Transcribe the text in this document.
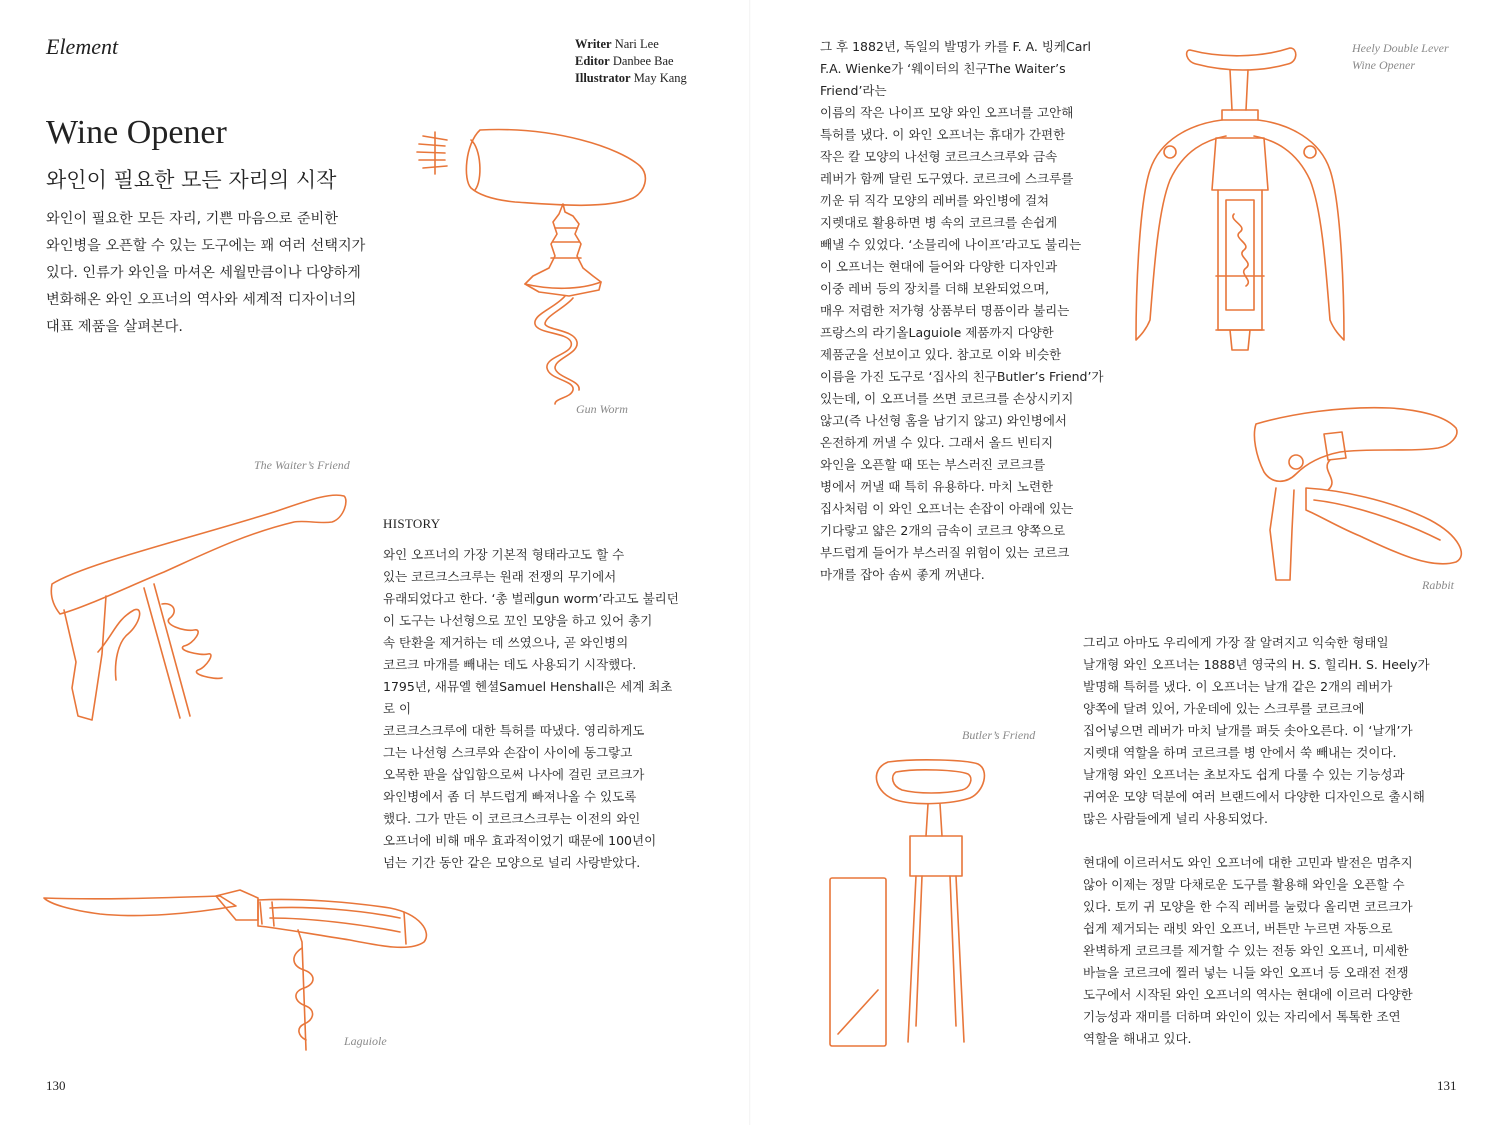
Element	Writer Nari Lee
Editor Danbee Bae
Illustrator May Kang
Wine Opener
와인이 필요한 모든 자리의 시작
와인이 필요한 모든 자리, 기쁜 마음으로 준비한
와인병을 오픈할 수 있는 도구에는 꽤 여러 선택지가
있다. 인류가 와인을 마셔온 세월만큼이나 다양하게
변화해온 와인 오프너의 역사와 세계적 디자이너의
대표 제품을 살펴본다.
Gun Worm
The Waiter’s Friend
Laguiole
HISTORY
와인 오프너의 가장 기본적 형태라고도 할 수
있는 코르크스크루는 원래 전쟁의 무기에서
유래되었다고 한다. ‘총 벌레gun worm’라고도 불리던
이 도구는 나선형으로 꼬인 모양을 하고 있어 총기
속 탄환을 제거하는 데 쓰였으나, 곧 와인병의
코르크 마개를 빼내는 데도 사용되기 시작했다.
1795년, 새뮤엘 헨셜Samuel Henshall은 세계 최초로 이
코르크스크루에 대한 특허를 따냈다. 영리하게도
그는 나선형 스크루와 손잡이 사이에 동그랗고
오목한 판을 삽입함으로써 나사에 걸린 코르크가
와인병에서 좀 더 부드럽게 빠져나올 수 있도록
했다. 그가 만든 이 코르크스크루는 이전의 와인
오프너에 비해 매우 효과적이었기 때문에 100년이
넘는 기간 동안 같은 모양으로 널리 사랑받았다.
130
그 후 1882년, 독일의 발명가 카를 F. A. 빙케Carl
F.A. Wienke가 ‘웨이터의 친구The Waiter’s Friend’라는
이름의 작은 나이프 모양 와인 오프너를 고안해
특허를 냈다. 이 와인 오프너는 휴대가 간편한
작은 칼 모양의 나선형 코르크스크루와 금속
레버가 함께 달린 도구였다. 코르크에 스크루를
끼운 뒤 직각 모양의 레버를 와인병에 걸쳐
지렛대로 활용하면 병 속의 코르크를 손쉽게
빼낼 수 있었다. ‘소믈리에 나이프’라고도 불리는
이 오프너는 현대에 들어와 다양한 디자인과
이중 레버 등의 장치를 더해 보완되었으며,
매우 저렴한 저가형 상품부터 명품이라 불리는
프랑스의 라기올Laguiole 제품까지 다양한
제품군을 선보이고 있다. 참고로 이와 비슷한
이름을 가진 도구로 ‘집사의 친구Butler’s Friend’가
있는데, 이 오프너를 쓰면 코르크를 손상시키지
않고(즉 나선형 홈을 남기지 않고) 와인병에서
온전하게 꺼낼 수 있다. 그래서 올드 빈티지
와인을 오픈할 때 또는 부스러진 코르크를
병에서 꺼낼 때 특히 유용하다. 마치 노련한
집사처럼 이 와인 오프너는 손잡이 아래에 있는
기다랗고 얇은 2개의 금속이 코르크 양쪽으로
부드럽게 들어가 부스러질 위험이 있는 코르크
마개를 잡아 솜씨 좋게 꺼낸다.
Heely Double Lever
Wine Opener
Rabbit
Butler’s Friend
그리고 아마도 우리에게 가장 잘 알려지고 익숙한 형태일
날개형 와인 오프너는 1888년 영국의 H. S. 힐리H. S. Heely가
발명해 특허를 냈다. 이 오프너는 날개 같은 2개의 레버가
양쪽에 달려 있어, 가운데에 있는 스크루를 코르크에
집어넣으면 레버가 마치 날개를 펴듯 솟아오른다. 이 ‘날개’가
지렛대 역할을 하며 코르크를 병 안에서 쑥 빼내는 것이다.
날개형 와인 오프너는 초보자도 쉽게 다룰 수 있는 기능성과
귀여운 모양 덕분에 여러 브랜드에서 다양한 디자인으로 출시해
많은 사람들에게 널리 사용되었다.
현대에 이르러서도 와인 오프너에 대한 고민과 발전은 멈추지
않아 이제는 정말 다채로운 도구를 활용해 와인을 오픈할 수
있다. 토끼 귀 모양을 한 수직 레버를 눌렀다 올리면 코르크가
쉽게 제거되는 래빗 와인 오프너, 버튼만 누르면 자동으로
완벽하게 코르크를 제거할 수 있는 전동 와인 오프너, 미세한
바늘을 코르크에 찔러 넣는 니들 와인 오프너 등 오래전 전쟁
도구에서 시작된 와인 오프너의 역사는 현대에 이르러 다양한
기능성과 재미를 더하며 와인이 있는 자리에서 톡톡한 조연
역할을 해내고 있다.
131
